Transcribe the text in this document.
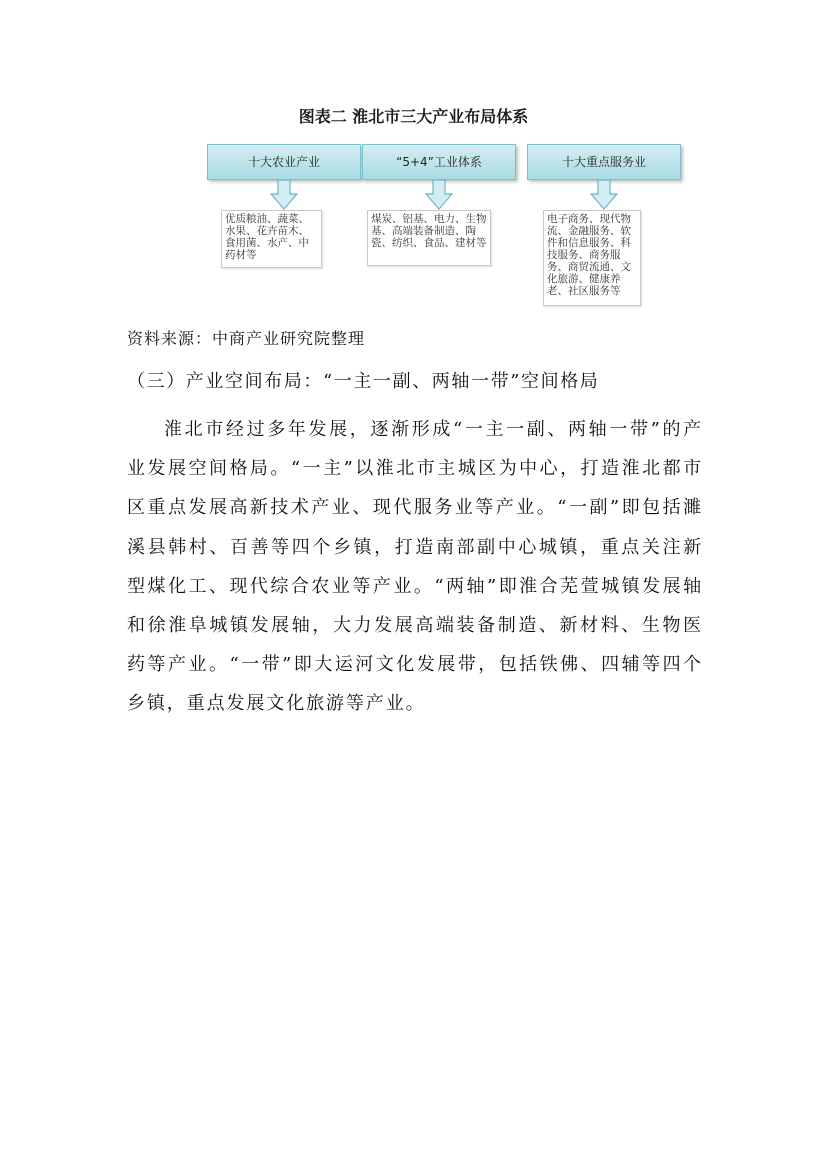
图表二 淮北市三大产业布局体系
十大农业产业
优质粮油、蔬菜、水果、花卉苗木、食用菌、水产、中药材等
“5+4”工业体系
煤炭、铝基、电力、生物基、高端装备制造、陶瓷、纺织、食品、建材等
十大重点服务业
电子商务、现代物流、金融服务、软件和信息服务、科技服务、商务服务、商贸流通、文化旅游、健康养老、社区服务等
资料来源：中商产业研究院整理
（三）产业空间布局：“一主一副、两轴一带”空间格局

淮北市经过多年发展，逐渐形成“一主一副、两轴一带”的产业发展空间格局。“一主”以淮北市主城区为中心，打造淮北都市区重点发展高新技术产业、现代服务业等产业。“一副”即包括濉溪县韩村、百善等四个乡镇，打造南部副中心城镇，重点关注新型煤化工、现代综合农业等产业。“两轴”即淮合芜萱城镇发展轴和徐淮阜城镇发展轴，大力发展高端装备制造、新材料、生物医药等产业。“一带”即大运河文化发展带，包括铁佛、四辅等四个乡镇，重点发展文化旅游等产业。
